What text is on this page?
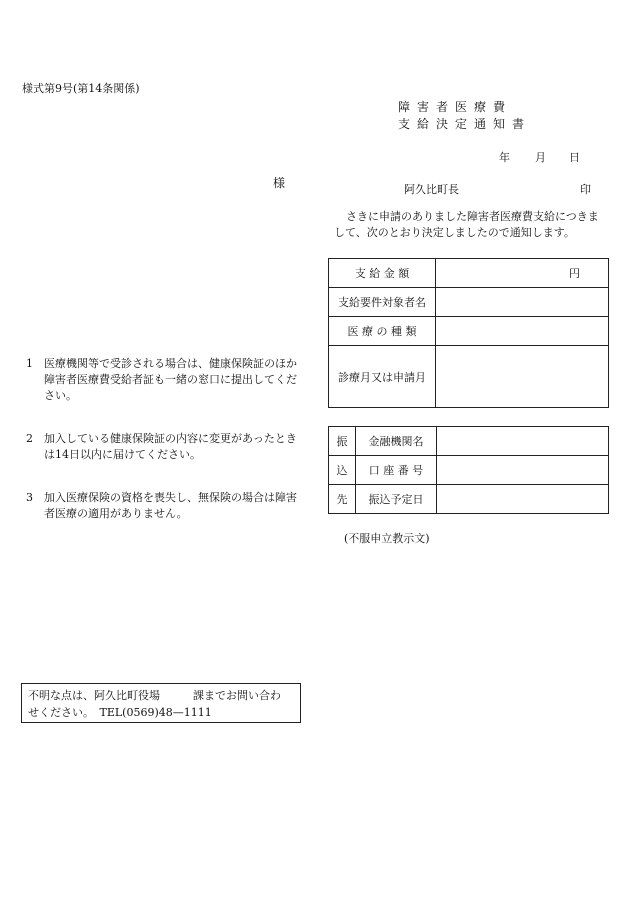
様式第9号(第14条関係)
障害者医療費
支給決定通知書
年 月 日
様	阿久比町長	印
さきに申請のありました障害者医療費支給につきまして、次のとおり決定しましたので通知します。
支 給 金 額	円
支給要件対象者名	
医 療 の 種 類	
診療月又は申請月	
振	金融機関名	
込	口 座 番 号	
先	振込予定日	
(不服申立教示文)
1 医療機関等で受診される場合は、健康保険証のほか障害者医療費受給者証も一緒の窓口に提出してください。
2 加入している健康保険証の内容に変更があったときは14日以内に届けてください。
3 加入医療保険の資格を喪失し、無保険の場合は障害者医療の適用がありません。
不明な点は、阿久比町役場　　　課までお問い合わ
せください。　TEL(0569)48—1111
